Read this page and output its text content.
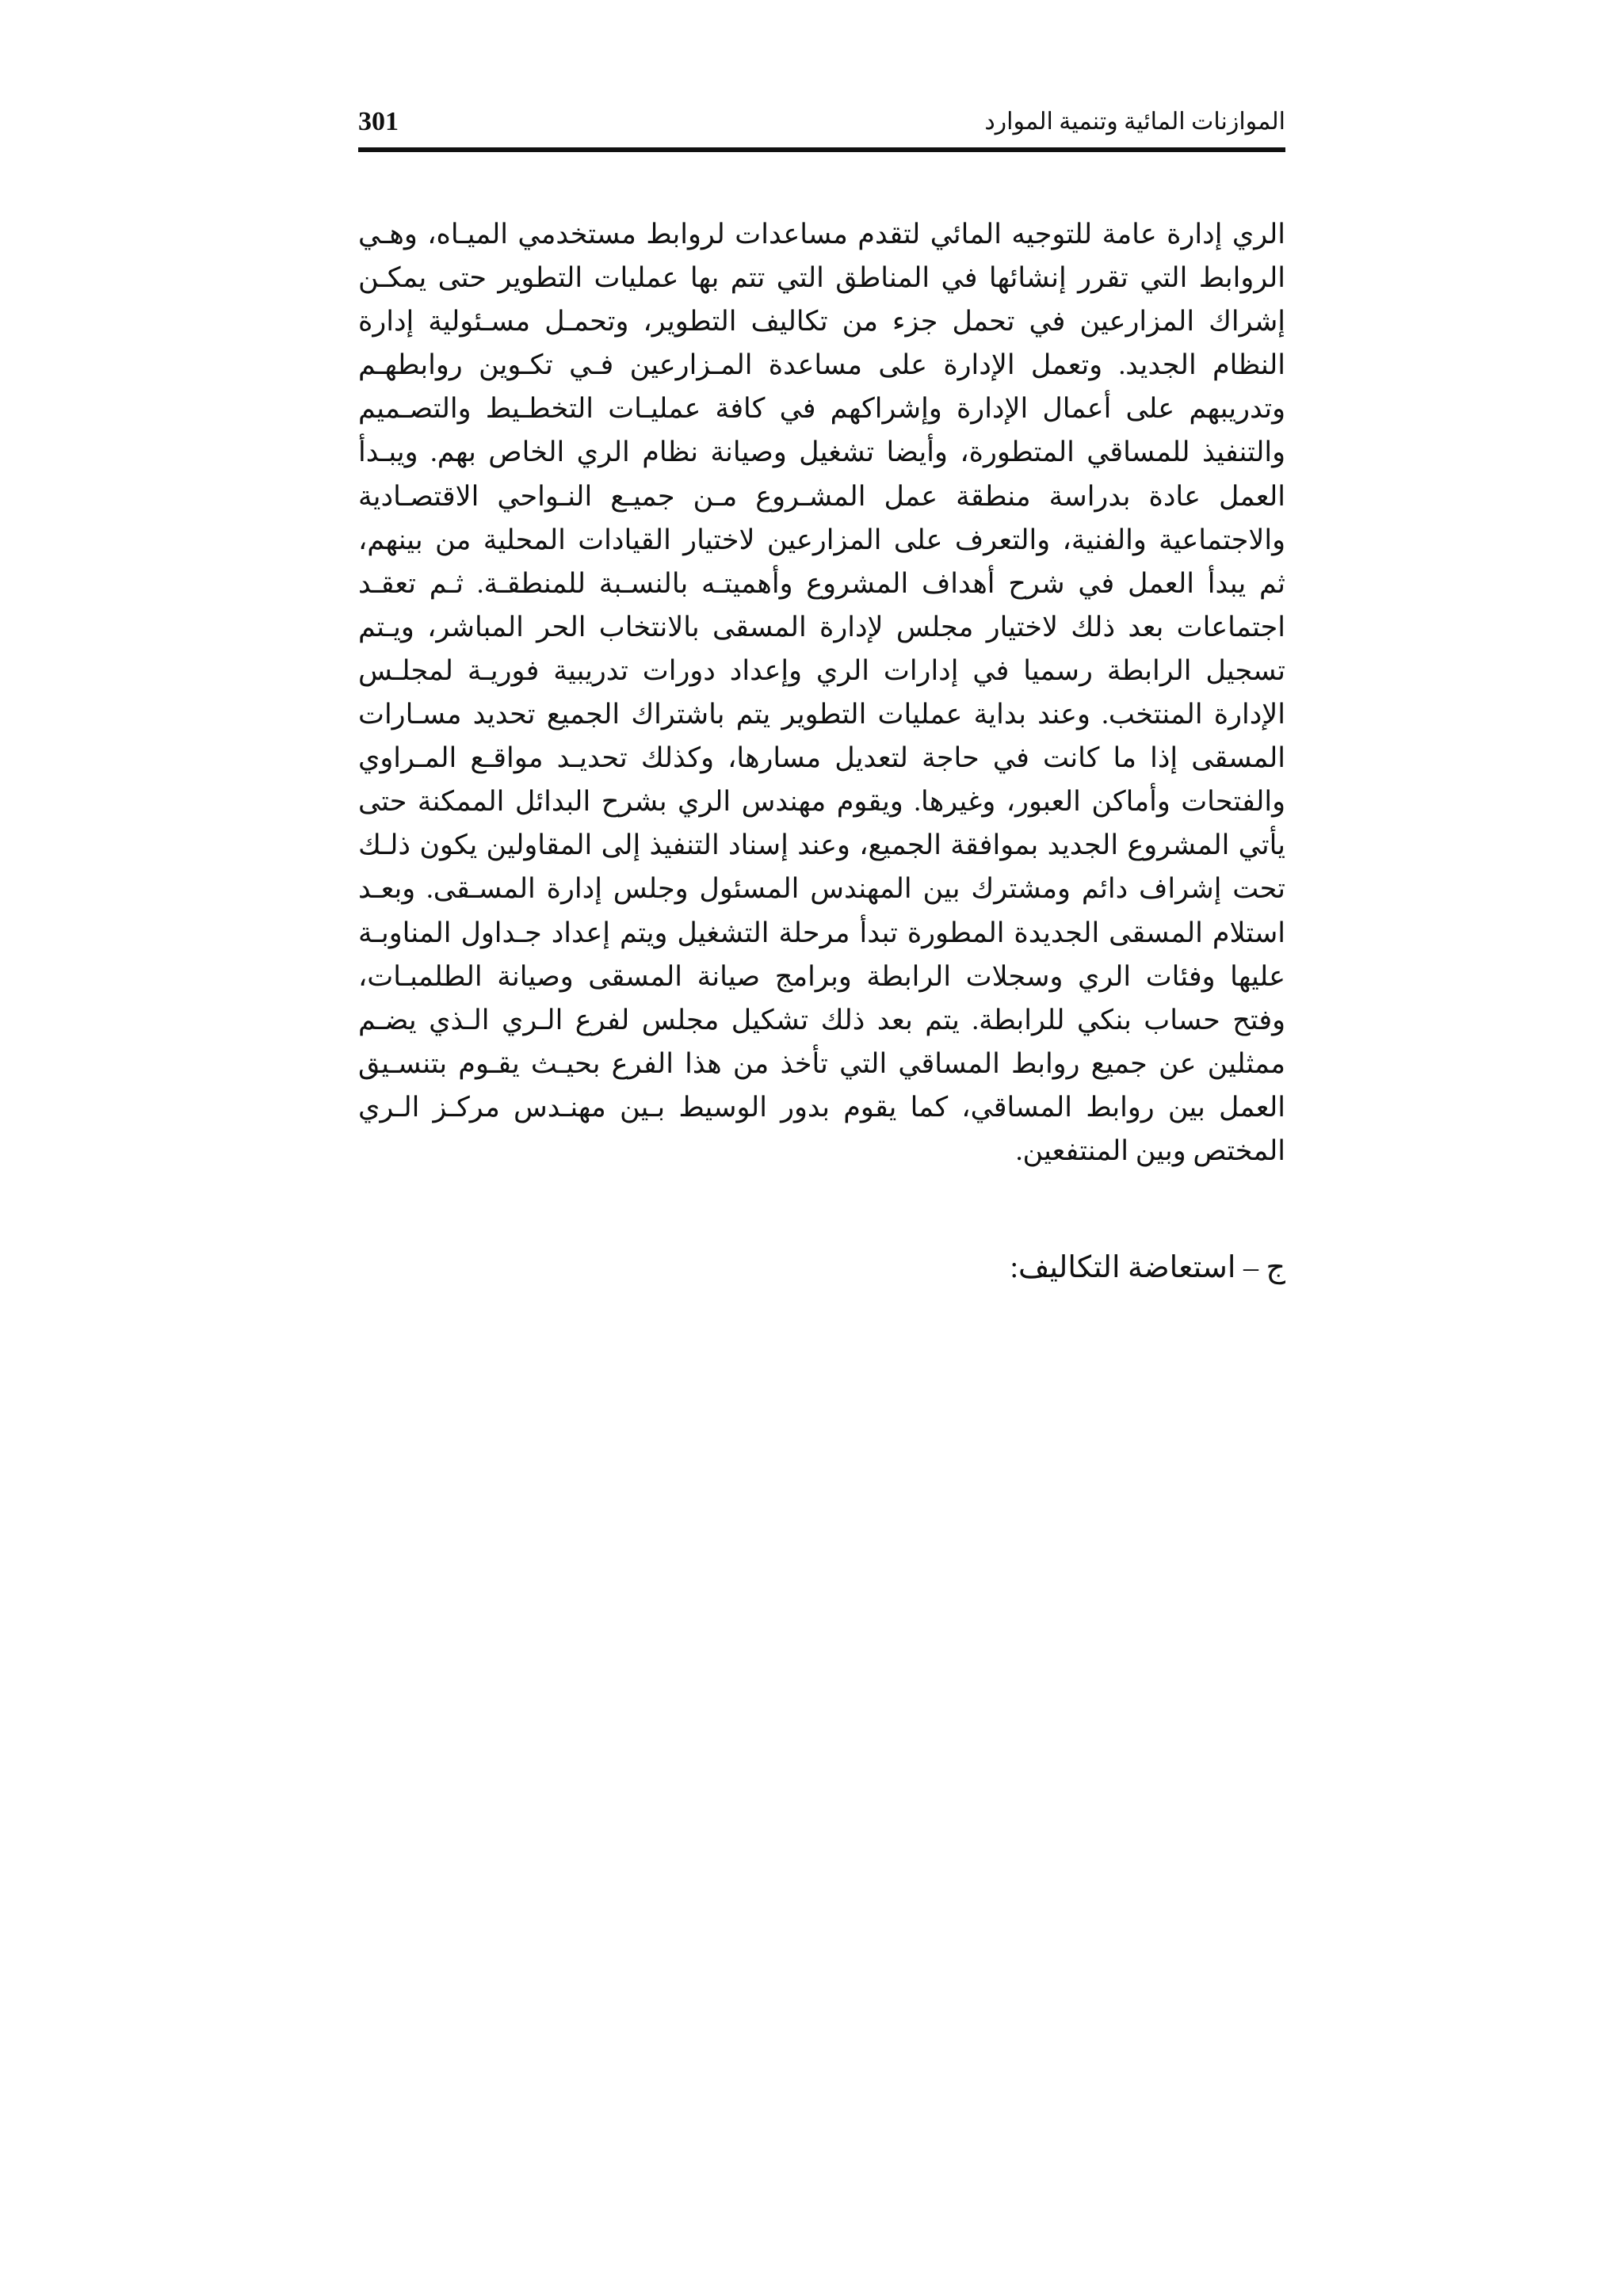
301	الموازنات المائية وتنمية الموارد
الري إدارة عامة للتوجيه المائي لتقدم مساعدات لروابط مستخدمي الميـاه، وهـي
الروابط التي تقرر إنشائها في المناطق التي تتم بها عمليات التطوير حتى يمكـن
إشراك المزارعين في تحمل جزء من تكاليف التطوير، وتحمـل مسـئولية إدارة
النظام الجديد. وتعمل الإدارة على مساعدة المـزارعين فـي تكـوين روابطهـم
وتدريبهم على أعمال الإدارة وإشراكهم في كافة عمليـات التخطـيط والتصـميم
والتنفيذ للمساقي المتطورة، وأيضا تشغيل وصيانة نظام الري الخاص بهم. ويبـدأ
العمل عادة بدراسة منطقة عمل المشـروع مـن جميـع النـواحي الاقتصـادية
والاجتماعية والفنية، والتعرف على المزارعين لاختيار القيادات المحلية من بينهم،
ثم يبدأ العمل في شرح أهداف المشروع وأهميتـه بالنسـبة للمنطقـة. ثـم تعقـد
اجتماعات بعد ذلك لاختيار مجلس لإدارة المسقى بالانتخاب الحر المباشر، ويـتم
تسجيل الرابطة رسميا في إدارات الري وإعداد دورات تدريبية فوريـة لمجلـس
الإدارة المنتخب. وعند بداية عمليات التطوير يتم باشتراك الجميع تحديد مسـارات
المسقى إذا ما كانت في حاجة لتعديل مسارها، وكذلك تحديـد مواقـع المـراوي
والفتحات وأماكن العبور، وغيرها. ويقوم مهندس الري بشرح البدائل الممكنة حتى
يأتي المشروع الجديد بموافقة الجميع، وعند إسناد التنفيذ إلى المقاولين يكون ذلـك
تحت إشراف دائم ومشترك بين المهندس المسئول وجلس إدارة المسـقى. وبعـد
استلام المسقى الجديدة المطورة تبدأ مرحلة التشغيل ويتم إعداد جـداول المناوبـة
عليها وفئات الري وسجلات الرابطة وبرامج صيانة المسقى وصيانة الطلمبـات،
وفتح حساب بنكي للرابطة. يتم بعد ذلك تشكيل مجلس لفرع الـري الـذي يضـم
ممثلين عن جميع روابط المساقي التي تأخذ من هذا الفرع بحيـث يقـوم بتنسـيق
العمل بين روابط المساقي، كما يقوم بدور الوسيط بـين مهنـدس مركـز الـري
المختص وبين المنتفعين.
ج – استعاضة التكاليف:
